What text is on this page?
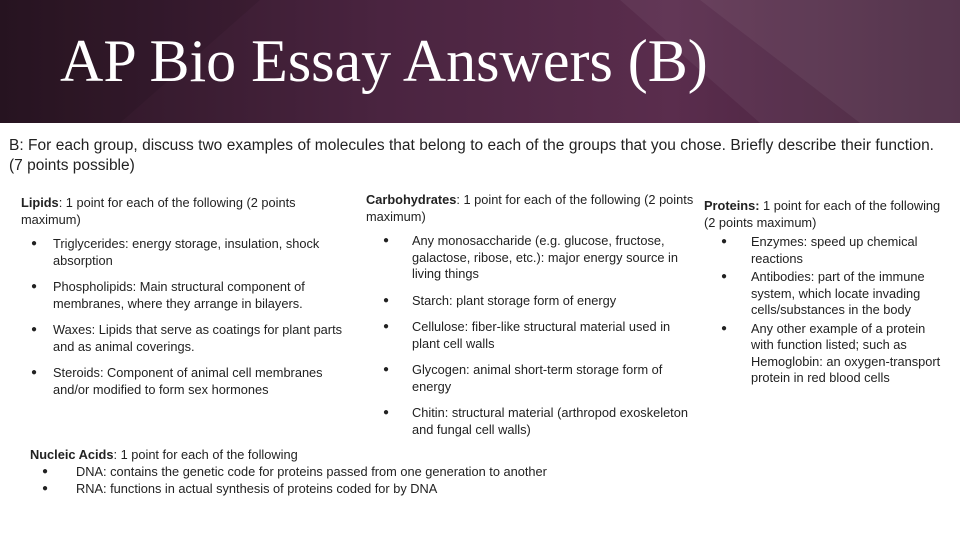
AP Bio Essay Answers (B)
B: For each group, discuss two examples of molecules that belong to each of the groups that you chose. Briefly describe their function. (7 points possible)

Lipids: 1 point for each of the following (2 points maximum)

● Triglycerides: energy storage, insulation, shock absorption
● Phospholipids: Main structural component of membranes, where they arrange in bilayers.
● Waxes: Lipids that serve as coatings for plant parts and as animal coverings.
● Steroids: Component of animal cell membranes and/or modified to form sex hormones

Carbohydrates: 1 point for each of the following (2 points maximum)

● Any monosaccharide (e.g. glucose, fructose, galactose, ribose, etc.): major energy source in living things
● Starch: plant storage form of energy
● Cellulose: fiber-like structural material used in plant cell walls
● Glycogen: animal short-term storage form of energy
● Chitin: structural material (arthropod exoskeleton and fungal cell walls)

Proteins: 1 point for each of the following (2 points maximum)

● Enzymes: speed up chemical reactions
● Antibodies: part of the immune system, which locate invading cells/substances in the body
● Any other example of a protein with function listed; such as Hemoglobin: an oxygen-transport protein in red blood cells

Nucleic Acids: 1 point for each of the following

● DNA: contains the genetic code for proteins passed from one generation to another
● RNA: functions in actual synthesis of proteins coded for by DNA
